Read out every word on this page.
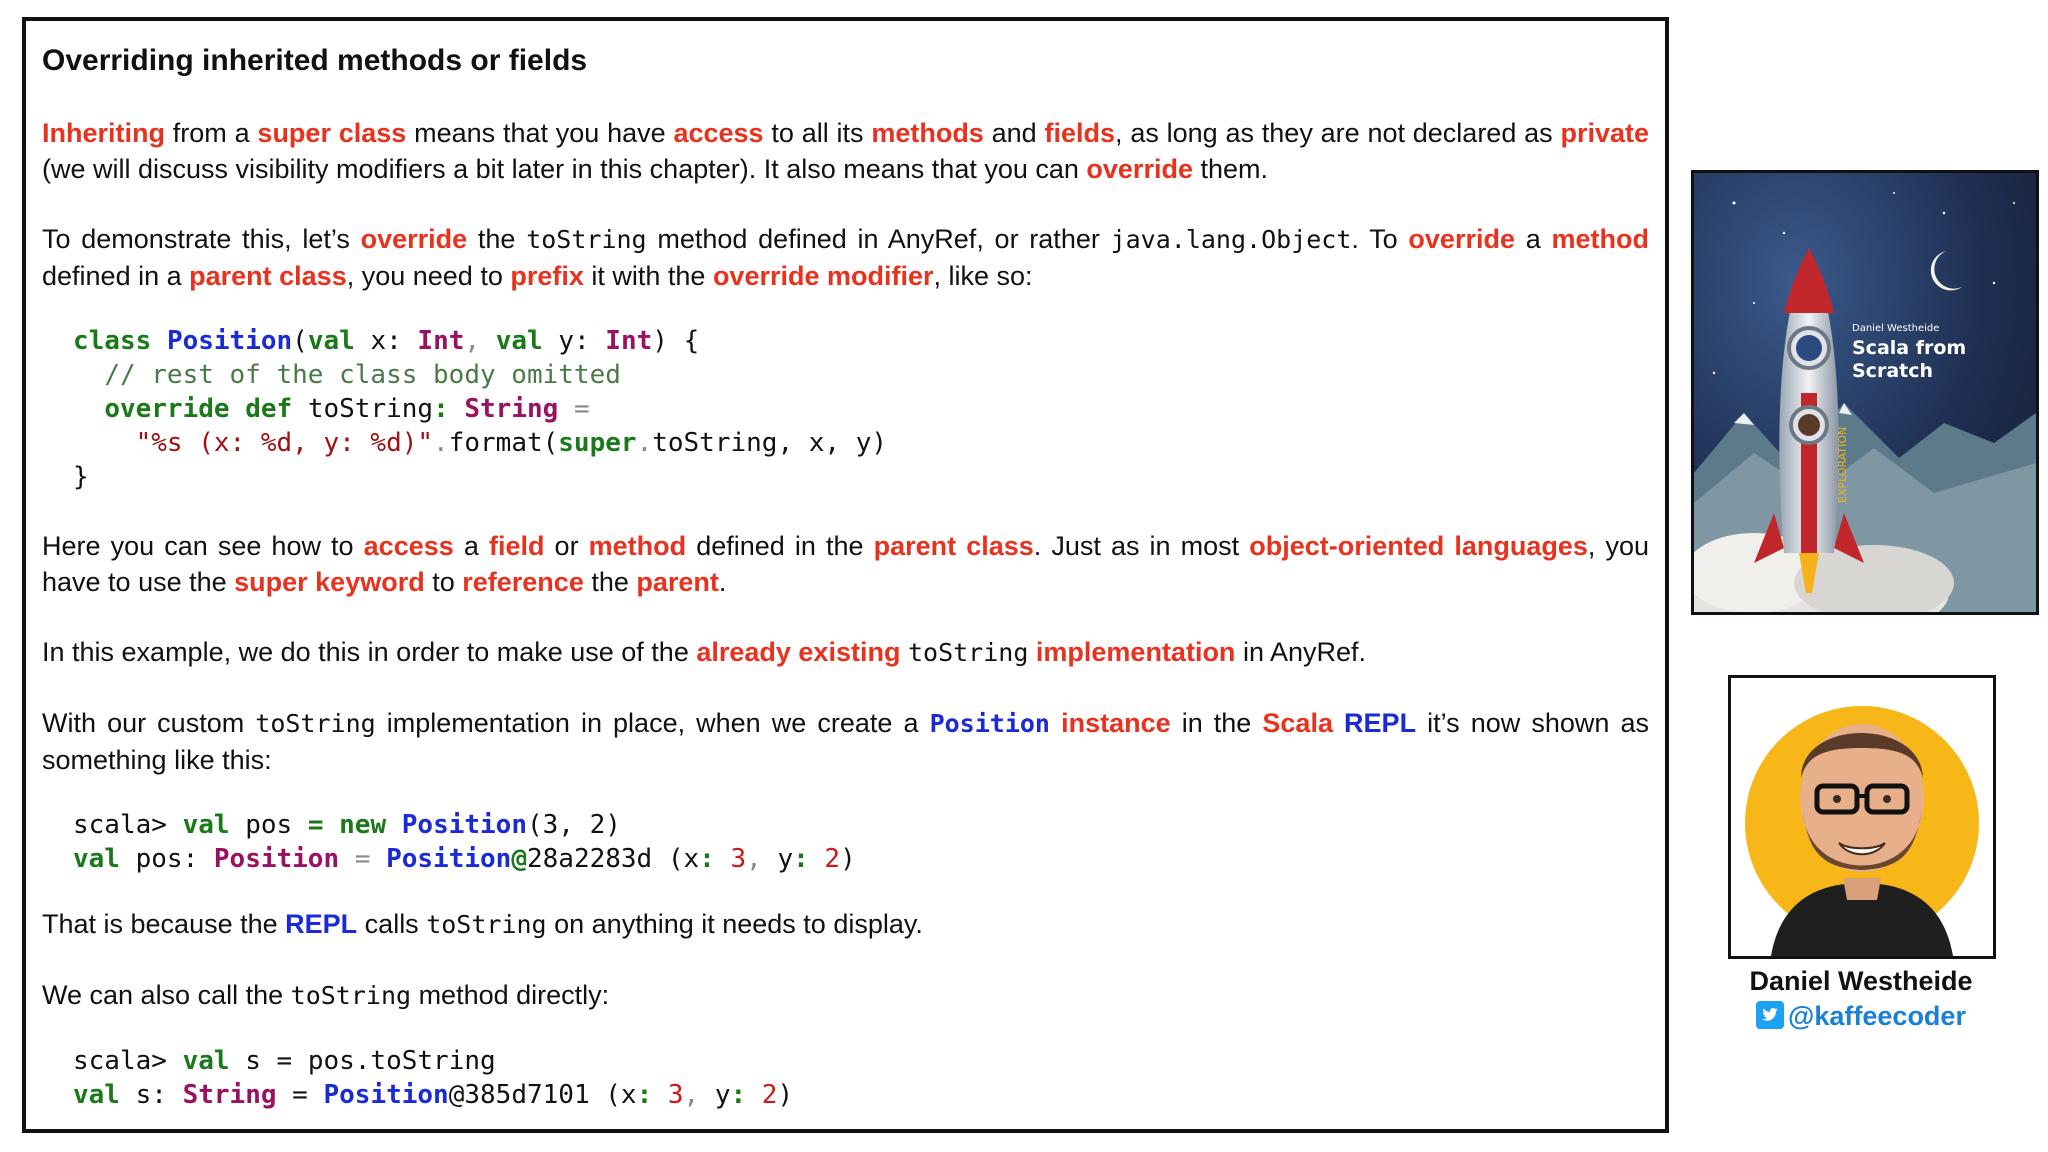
Overriding inherited methods or fields

Inheriting from a super class means that you have access to all its methods and fields, as long as they are not declared as private (we will discuss visibility modifiers a bit later in this chapter). It also means that you can override them.

To demonstrate this, let’s override the toString method defined in AnyRef, or rather java.lang.Object. To override a method defined in a parent class, you need to prefix it with the override modifier, like so:

class Position(val x: Int, val y: Int) {
// rest of the class body omitted
override def toString: String =
"%s (x: %d, y: %d)".format(super.toString, x, y)
}

Here you can see how to access a field or method defined in the parent class. Just as in most object-oriented languages, you have to use the super keyword to reference the parent.

In this example, we do this in order to make use of the already existing toString implementation in AnyRef.

With our custom toString implementation in place, when we create a Position instance in the Scala REPL it’s now shown as something like this:

scala> val pos = new Position(3, 2)
val pos: Position = Position@28a2283d (x: 3, y: 2)

That is because the REPL calls toString on anything it needs to display.

We can also call the toString method directly:

scala> val s = pos.toString
val s: String = Position@385d7101 (x: 3, y: 2)
Daniel Westheide
Scala from
Scratch
EXPLORATION
Daniel Westheide
@kaffeecoder
